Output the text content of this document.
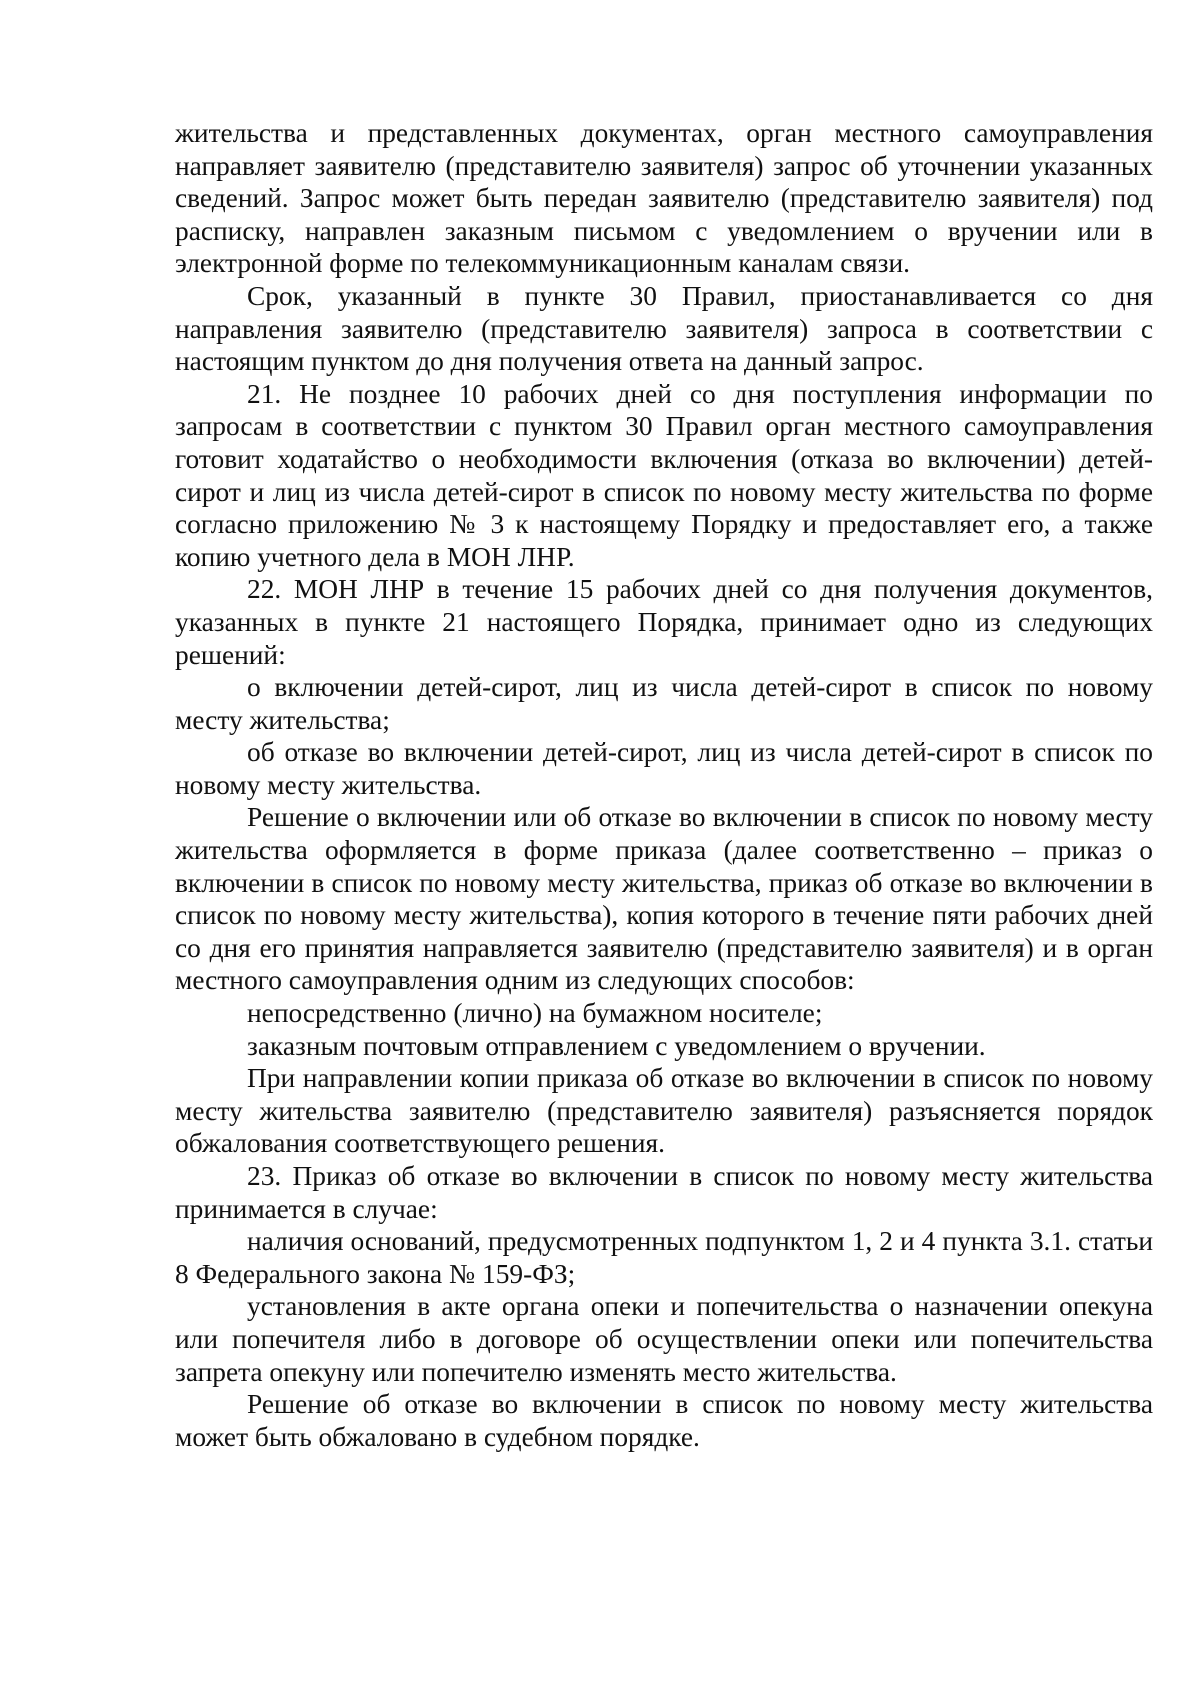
жительства и представленных документах, орган местного самоуправления направляет заявителю (представителю заявителя) запрос об уточнении указанных сведений. Запрос может быть передан заявителю (представителю заявителя) под расписку, направлен заказным письмом с уведомлением о вручении или в электронной форме по телекоммуникационным каналам связи.

Срок, указанный в пункте 30 Правил, приостанавливается со дня направления заявителю (представителю заявителя) запроса в соответствии с настоящим пунктом до дня получения ответа на данный запрос.

21. Не позднее 10 рабочих дней со дня поступления информации по запросам в соответствии с пунктом 30 Правил орган местного самоуправления готовит ходатайство о необходимости включения (отказа во включении) детей-сирот и лиц из числа детей-сирот в список по новому месту жительства по форме согласно приложению № 3 к настоящему Порядку и предоставляет его, а также копию учетного дела в МОН ЛНР.

22. МОН ЛНР в течение 15 рабочих дней со дня получения документов, указанных в пункте 21 настоящего Порядка, принимает одно из следующих решений:

о включении детей-сирот, лиц из числа детей-сирот в список по новому месту жительства;

об отказе во включении детей-сирот, лиц из числа детей-сирот в список по новому месту жительства.

Решение о включении или об отказе во включении в список по новому месту жительства оформляется в форме приказа (далее соответственно – приказ о включении в список по новому месту жительства, приказ об отказе во включении в список по новому месту жительства), копия которого в течение пяти рабочих дней со дня его принятия направляется заявителю (представителю заявителя) и в орган местного самоуправления одним из следующих способов:

непосредственно (лично) на бумажном носителе;

заказным почтовым отправлением с уведомлением о вручении.

При направлении копии приказа об отказе во включении в список по новому месту жительства заявителю (представителю заявителя) разъясняется порядок обжалования соответствующего решения.

23. Приказ об отказе во включении в список по новому месту жительства принимается в случае:

наличия оснований, предусмотренных подпунктом 1, 2 и 4 пункта 3.1. статьи 8 Федерального закона № 159-ФЗ;

установления в акте органа опеки и попечительства о назначении опекуна или попечителя либо в договоре об осуществлении опеки или попечительства запрета опекуну или попечителю изменять место жительства.

Решение об отказе во включении в список по новому месту жительства может быть обжаловано в судебном порядке.
